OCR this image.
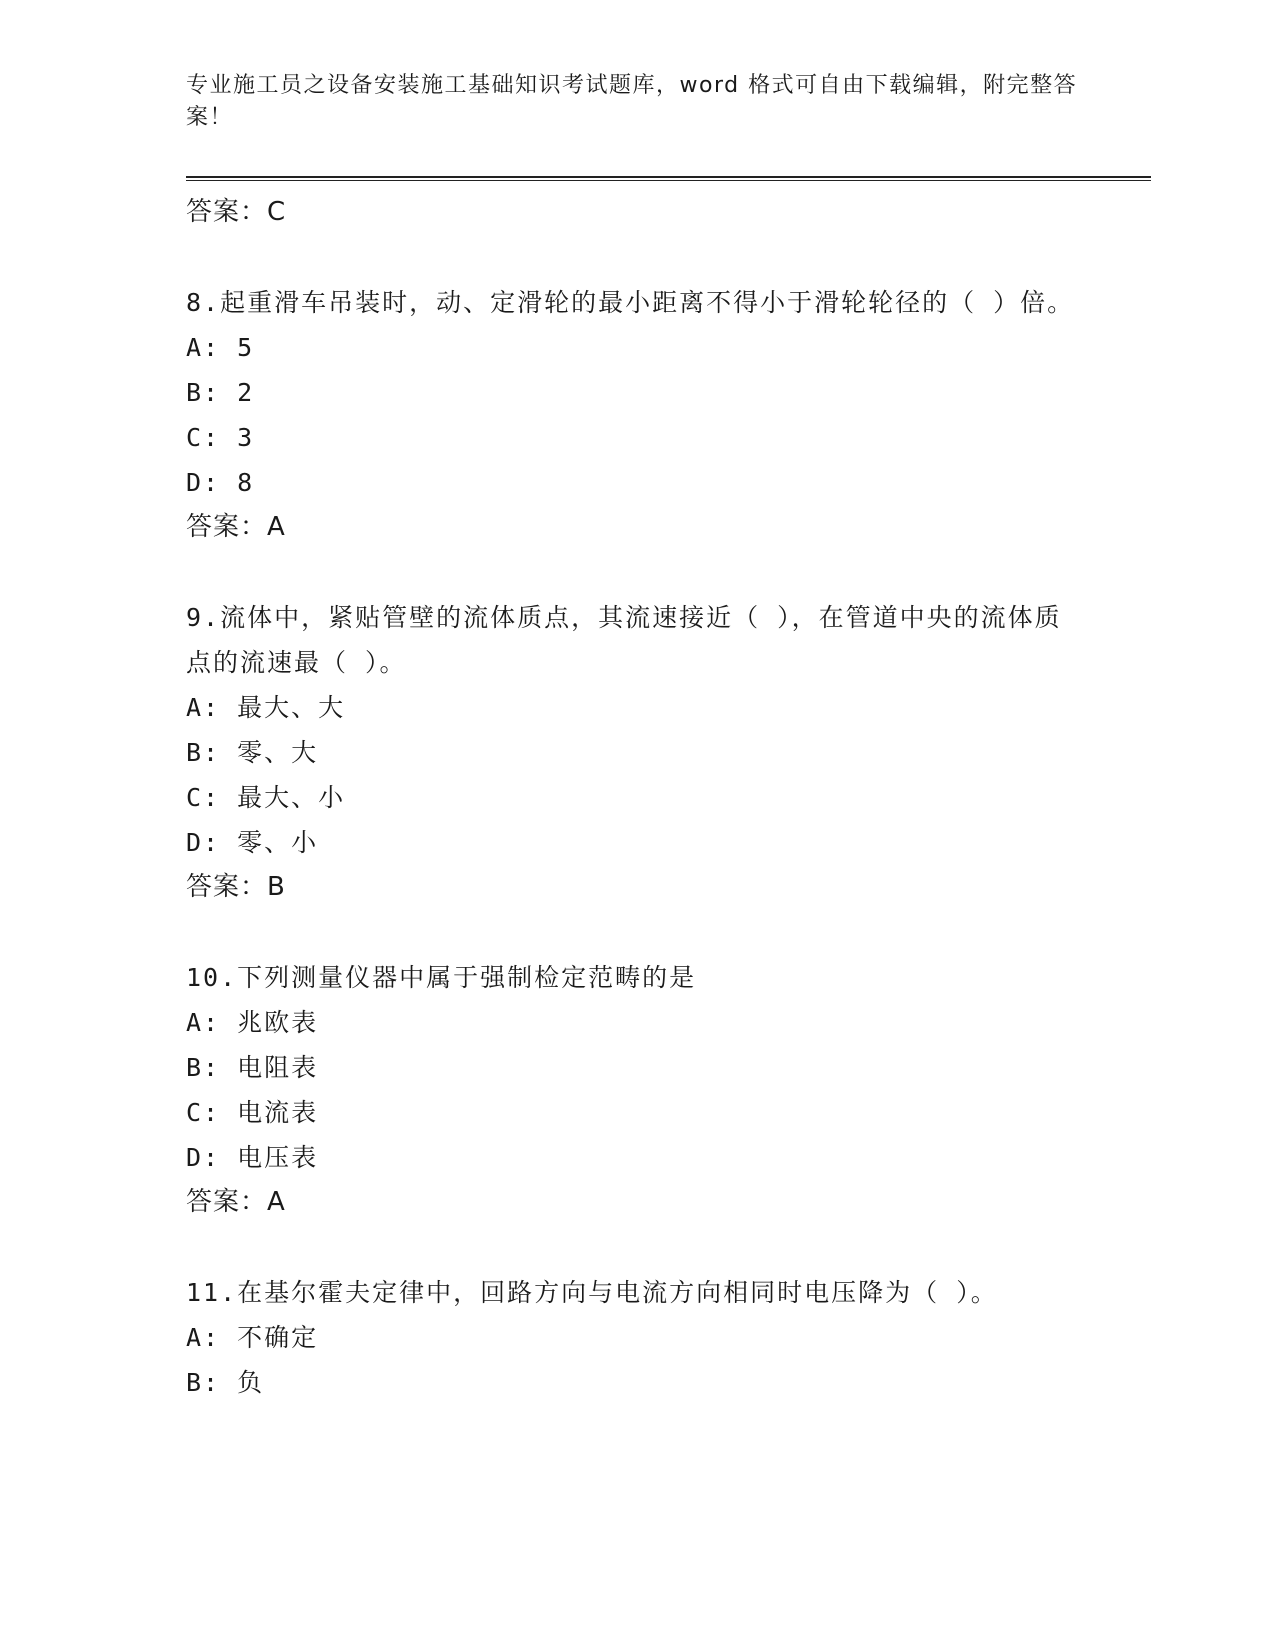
专业施工员之设备安装施工基础知识考试题库，word 格式可自由下载编辑，附完整答案！
答案：C
8.起重滑车吊装时，动、定滑轮的最小距离不得小于滑轮轮径的（ ）倍。
A: 5
B: 2
C: 3
D: 8
答案：A
9.流体中，紧贴管壁的流体质点，其流速接近（ ），在管道中央的流体质点的流速最（ ）。
A: 最大、大
B: 零、大
C: 最大、小
D: 零、小
答案：B
10.下列测量仪器中属于强制检定范畴的是
A: 兆欧表
B: 电阻表
C: 电流表
D: 电压表
答案：A
11.在基尔霍夫定律中，回路方向与电流方向相同时电压降为（ ）。
A: 不确定
B: 负
